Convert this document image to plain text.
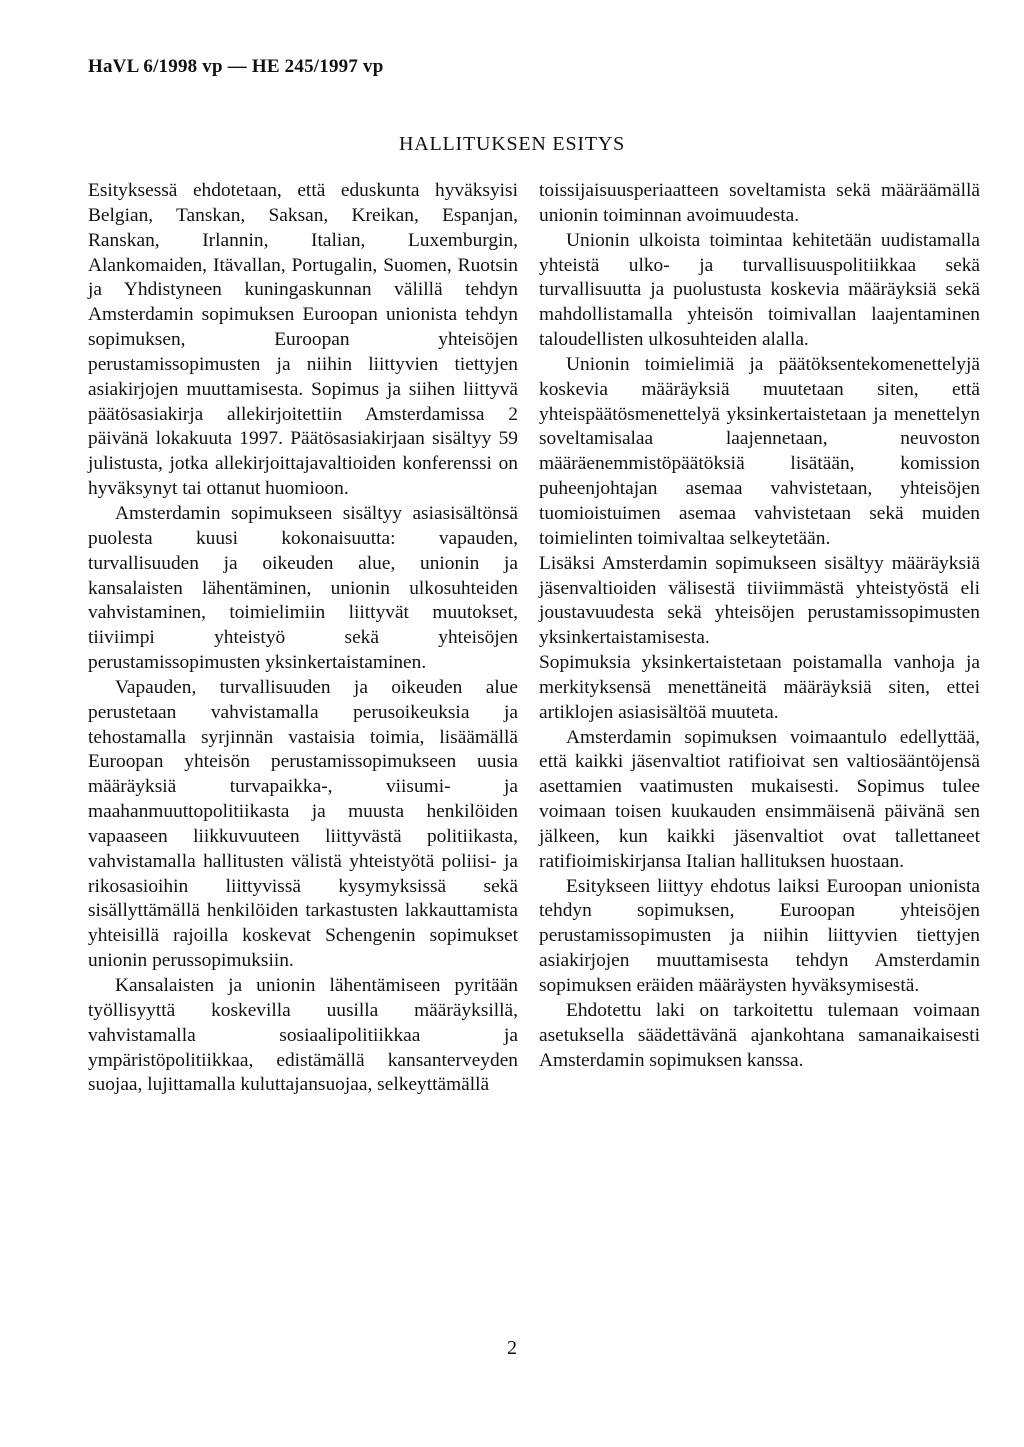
HaVL 6/1998 vp — HE 245/1997 vp
HALLITUKSEN ESITYS

Esityksessä ehdotetaan, että eduskunta hyväksyisi Belgian, Tanskan, Saksan, Kreikan, Espanjan, Ranskan, Irlannin, Italian, Luxemburgin, Alankomaiden, Itävallan, Portugalin, Suomen, Ruotsin ja Yhdistyneen kuningaskunnan välillä tehdyn Amsterdamin sopimuksen Euroopan unionista tehdyn sopimuksen, Euroopan yhteisöjen perustamissopimusten ja niihin liittyvien tiettyjen asiakirjojen muuttamisesta. Sopimus ja siihen liittyvä päätösasiakirja allekirjoitettiin Amsterdamissa 2 päivänä lokakuuta 1997. Päätösasiakirjaan sisältyy 59 julistusta, jotka allekirjoittajavaltioiden konferenssi on hyväksynyt tai ottanut huomioon.

Amsterdamin sopimukseen sisältyy asiasisältönsä puolesta kuusi kokonaisuutta: vapauden, turvallisuuden ja oikeuden alue, unionin ja kansalaisten lähentäminen, unionin ulkosuhteiden vahvistaminen, toimielimiin liittyvät muutokset, tiiviimpi yhteistyö sekä yhteisöjen perustamissopimusten yksinkertaistaminen.

Vapauden, turvallisuuden ja oikeuden alue perustetaan vahvistamalla perusoikeuksia ja tehostamalla syrjinnän vastaisia toimia, lisäämällä Euroopan yhteisön perustamissopimukseen uusia määräyksiä turvapaikka-, viisumi- ja maahanmuuttopolitiikasta ja muusta henkilöiden vapaaseen liikkuvuuteen liittyvästä politiikasta, vahvistamalla hallitusten välistä yhteistyötä poliisi- ja rikosasioihin liittyvissä kysymyksissä sekä sisällyttämällä henkilöiden tarkastusten lakkauttamista yhteisillä rajoilla koskevat Schengenin sopimukset unionin perussopimuksiin.

Kansalaisten ja unionin lähentämiseen pyritään työllisyyttä koskevilla uusilla määräyksillä, vahvistamalla sosiaalipolitiikkaa ja ympäristöpolitiikkaa, edistämällä kansanterveyden suojaa, lujittamalla kuluttajansuojaa, selkeyttämällä

toissijaisuusperiaatteen soveltamista sekä määräämällä unionin toiminnan avoimuudesta.

Unionin ulkoista toimintaa kehitetään uudistamalla yhteistä ulko- ja turvallisuuspolitiikkaa sekä turvallisuutta ja puolustusta koskevia määräyksiä sekä mahdollistamalla yhteisön toimivallan laajentaminen taloudellisten ulkosuhteiden alalla.

Unionin toimielimiä ja päätöksentekomenettelyjä koskevia määräyksiä muutetaan siten, että yhteispäätösmenettelyä yksinkertaistetaan ja menettelyn soveltamisalaa laajennetaan, neuvoston määräenemmistöpäätöksiä lisätään, komission puheenjohtajan asemaa vahvistetaan, yhteisöjen tuomioistuimen asemaa vahvistetaan sekä muiden toimielinten toimivaltaa selkeytetään.

Lisäksi Amsterdamin sopimukseen sisältyy määräyksiä jäsenvaltioiden välisestä tiiviimmästä yhteistyöstä eli joustavuudesta sekä yhteisöjen perustamissopimusten yksinkertaistamisesta.

Sopimuksia yksinkertaistetaan poistamalla vanhoja ja merkityksensä menettäneitä määräyksiä siten, ettei artiklojen asiasisältöä muuteta.

Amsterdamin sopimuksen voimaantulo edellyttää, että kaikki jäsenvaltiot ratifioivat sen valtiosääntöjensä asettamien vaatimusten mukaisesti. Sopimus tulee voimaan toisen kuukauden ensimmäisenä päivänä sen jälkeen, kun kaikki jäsenvaltiot ovat tallettaneet ratifioimiskirjansa Italian hallituksen huostaan.

Esitykseen liittyy ehdotus laiksi Euroopan unionista tehdyn sopimuksen, Euroopan yhteisöjen perustamissopimusten ja niihin liittyvien tiettyjen asiakirjojen muuttamisesta tehdyn Amsterdamin sopimuksen eräiden määräysten hyväksymisestä.

Ehdotettu laki on tarkoitettu tulemaan voimaan asetuksella säädettävänä ajankohtana samanaikaisesti Amsterdamin sopimuksen kanssa.

2
